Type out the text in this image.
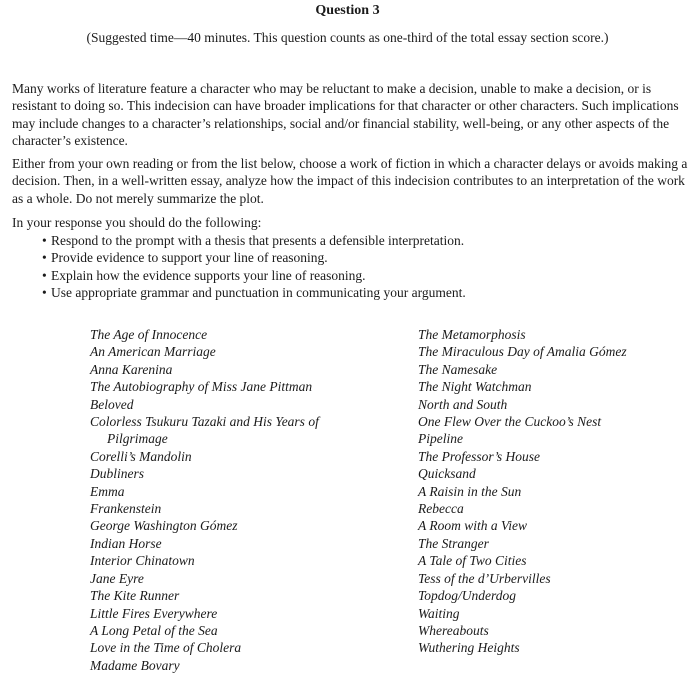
Question 3
(Suggested time—40 minutes. This question counts as one-third of the total essay section score.)

Many works of literature feature a character who may be reluctant to make a decision, unable to make a decision, or is resistant to doing so. This indecision can have broader implications for that character or other characters. Such implications may include changes to a character’s relationships, social and/or financial stability, well-being, or any other aspects of the character’s existence.

Either from your own reading or from the list below, choose a work of fiction in which a character delays or avoids making a decision. Then, in a well-written essay, analyze how the impact of this indecision contributes to an interpretation of the work as a whole. Do not merely summarize the plot.

In your response you should do the following:

• Respond to the prompt with a thesis that presents a defensible interpretation.
• Provide evidence to support your line of reasoning.
• Explain how the evidence supports your line of reasoning.
• Use appropriate grammar and punctuation in communicating your argument.
The Age of Innocence
An American Marriage
Anna Karenina
The Autobiography of Miss Jane Pittman
Beloved
Colorless Tsukuru Tazaki and His Years of Pilgrimage
Corelli’s Mandolin
Dubliners
Emma
Frankenstein
George Washington Gómez
Indian Horse
Interior Chinatown
Jane Eyre
The Kite Runner
Little Fires Everywhere
A Long Petal of the Sea
Love in the Time of Cholera
Madame Bovary
The Metamorphosis
The Miraculous Day of Amalia Gómez
The Namesake
The Night Watchman
North and South
One Flew Over the Cuckoo’s Nest
Pipeline
The Professor’s House
Quicksand
A Raisin in the Sun
Rebecca
A Room with a View
The Stranger
A Tale of Two Cities
Tess of the d’Urbervilles
Topdog/Underdog
Waiting
Whereabouts
Wuthering Heights
